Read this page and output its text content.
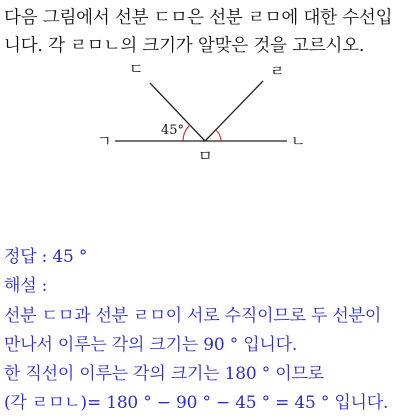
다음 그림에서 선분 ㄷㅁ은 선분 ㄹㅁ에 대한 수선입
니다. 각 ㄹㅁㄴ의 크기가 알맞은 것을 고르시오.
ㄷ	ㄹ
ㄱ	ㄴ
ㅁ
45°
정답 : 45 °
해설 :
선분 ㄷㅁ과 선분 ㄹㅁ이 서로 수직이므로 두 선분이
만나서 이루는 각의 크기는 90 ° 입니다.
한 직선이 이루는 각의 크기는 180 ° 이므로
(각 ㄹㅁㄴ)= 180 ° − 90 ° − 45 ° = 45 ° 입니다.
